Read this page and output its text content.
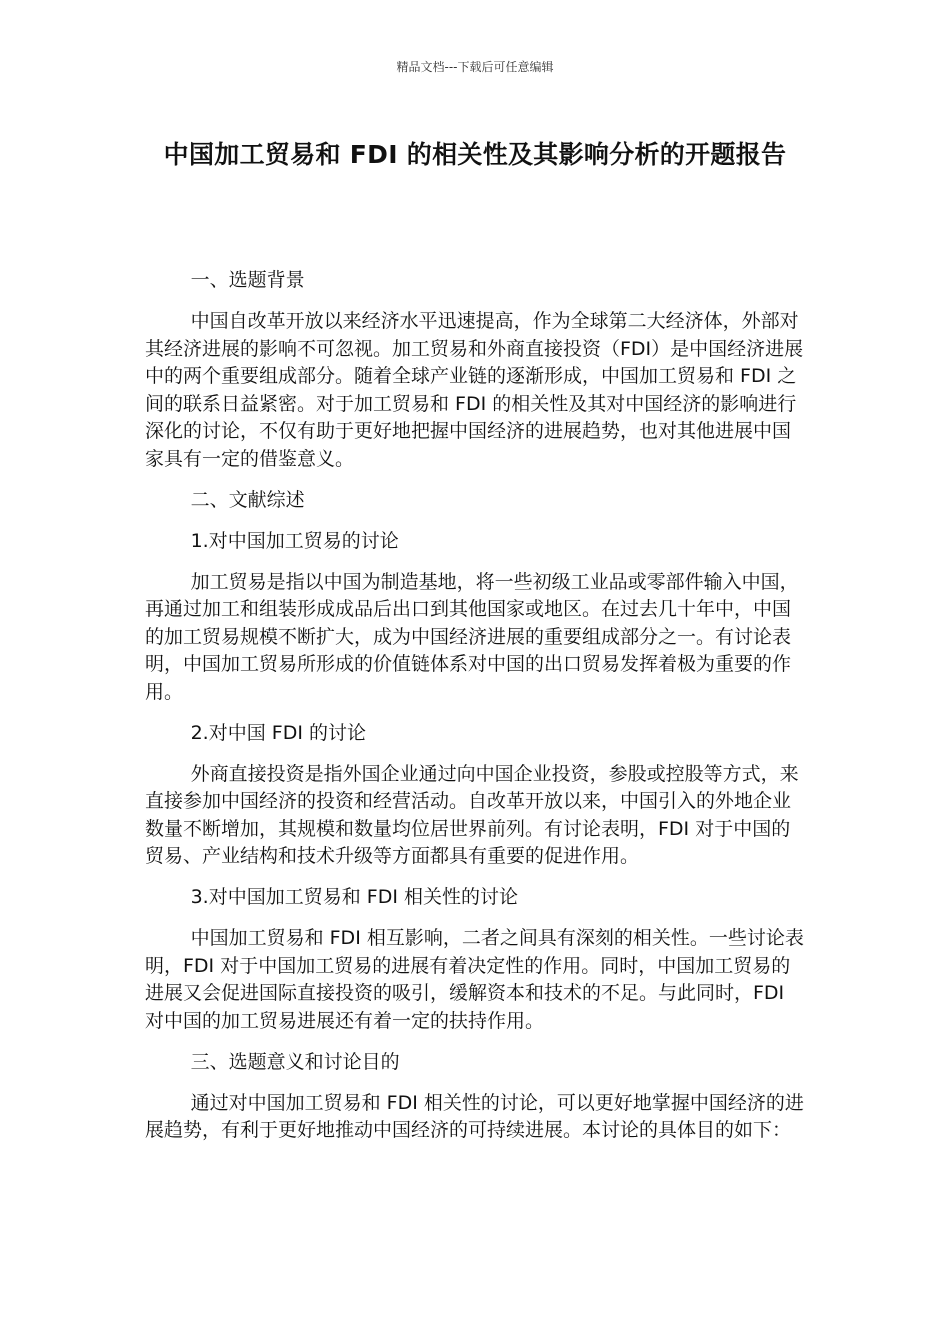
精品文档---下载后可任意编辑
中国加工贸易和 FDI 的相关性及其影响分析的开题报告

一、选题背景

中国自改革开放以来经济水平迅速提高，作为全球第二大经济体，外部对其经济进展的影响不可忽视。加工贸易和外商直接投资（FDI）是中国经济进展中的两个重要组成部分。随着全球产业链的逐渐形成，中国加工贸易和 FDI 之间的联系日益紧密。对于加工贸易和 FDI 的相关性及其对中国经济的影响进行深化的讨论，不仅有助于更好地把握中国经济的进展趋势，也对其他进展中国家具有一定的借鉴意义。

二、文献综述

1.对中国加工贸易的讨论

加工贸易是指以中国为制造基地，将一些初级工业品或零部件输入中国，再通过加工和组装形成成品后出口到其他国家或地区。在过去几十年中，中国的加工贸易规模不断扩大，成为中国经济进展的重要组成部分之一。有讨论表明，中国加工贸易所形成的价值链体系对中国的出口贸易发挥着极为重要的作用。

2.对中国 FDI 的讨论

外商直接投资是指外国企业通过向中国企业投资，参股或控股等方式，来直接参加中国经济的投资和经营活动。自改革开放以来，中国引入的外地企业数量不断增加，其规模和数量均位居世界前列。有讨论表明，FDI 对于中国的贸易、产业结构和技术升级等方面都具有重要的促进作用。

3.对中国加工贸易和 FDI 相关性的讨论

中国加工贸易和 FDI 相互影响，二者之间具有深刻的相关性。一些讨论表明，FDI 对于中国加工贸易的进展有着决定性的作用。同时，中国加工贸易的进展又会促进国际直接投资的吸引，缓解资本和技术的不足。与此同时，FDI 对中国的加工贸易进展还有着一定的扶持作用。

三、选题意义和讨论目的

通过对中国加工贸易和 FDI 相关性的讨论，可以更好地掌握中国经济的进展趋势，有利于更好地推动中国经济的可持续进展。本讨论的具体目的如下：
